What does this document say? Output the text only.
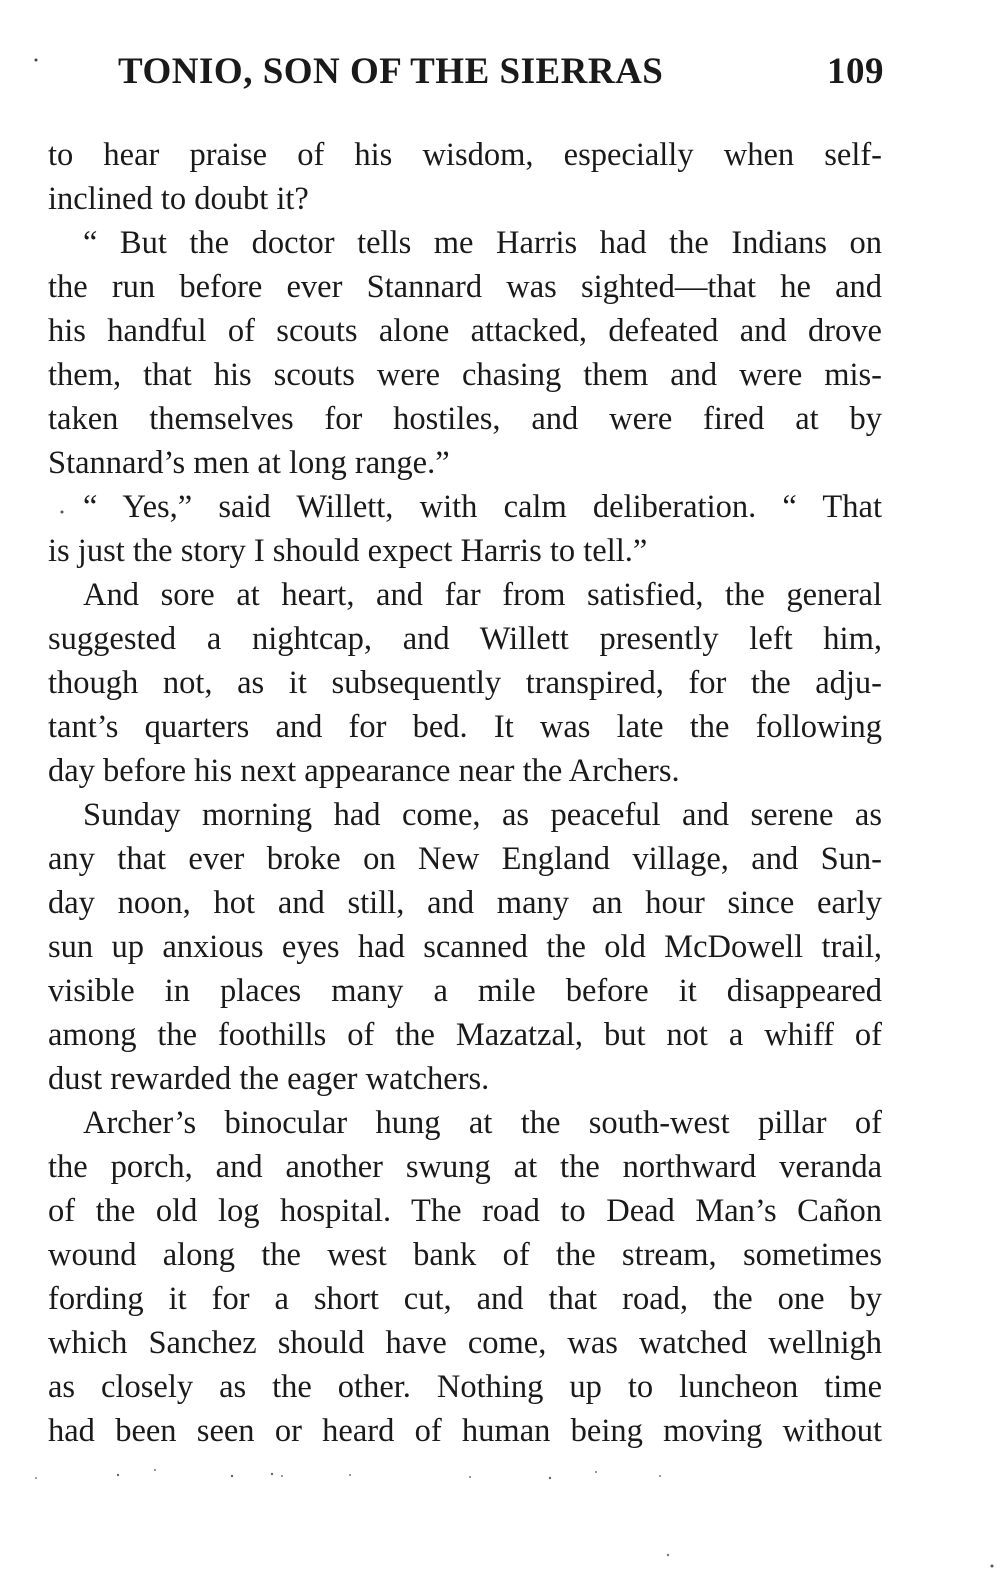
TONIO, SON OF THE SIERRAS	109
to hear praise of his wisdom, especially when self-
inclined to doubt it?
“ But the doctor tells me Harris had the Indians on
the run before ever Stannard was sighted—that he and
his handful of scouts alone attacked, defeated and drove
them, that his scouts were chasing them and were mis-
taken themselves for hostiles, and were fired at by
Stannard’s men at long range.”
“ Yes,” said Willett, with calm deliberation. “ That
is just the story I should expect Harris to tell.”
And sore at heart, and far from satisfied, the general
suggested a nightcap, and Willett presently left him,
though not, as it subsequently transpired, for the adju-
tant’s quarters and for bed. It was late the following
day before his next appearance near the Archers.
Sunday morning had come, as peaceful and serene as
any that ever broke on New England village, and Sun-
day noon, hot and still, and many an hour since early
sun up anxious eyes had scanned the old McDowell trail,
visible in places many a mile before it disappeared
among the foothills of the Mazatzal, but not a whiff of
dust rewarded the eager watchers.
Archer’s binocular hung at the south-west pillar of
the porch, and another swung at the northward veranda
of the old log hospital. The road to Dead Man’s Cañon
wound along the west bank of the stream, sometimes
fording it for a short cut, and that road, the one by
which Sanchez should have come, was watched wellnigh
as closely as the other. Nothing up to luncheon time
had been seen or heard of human being moving without
